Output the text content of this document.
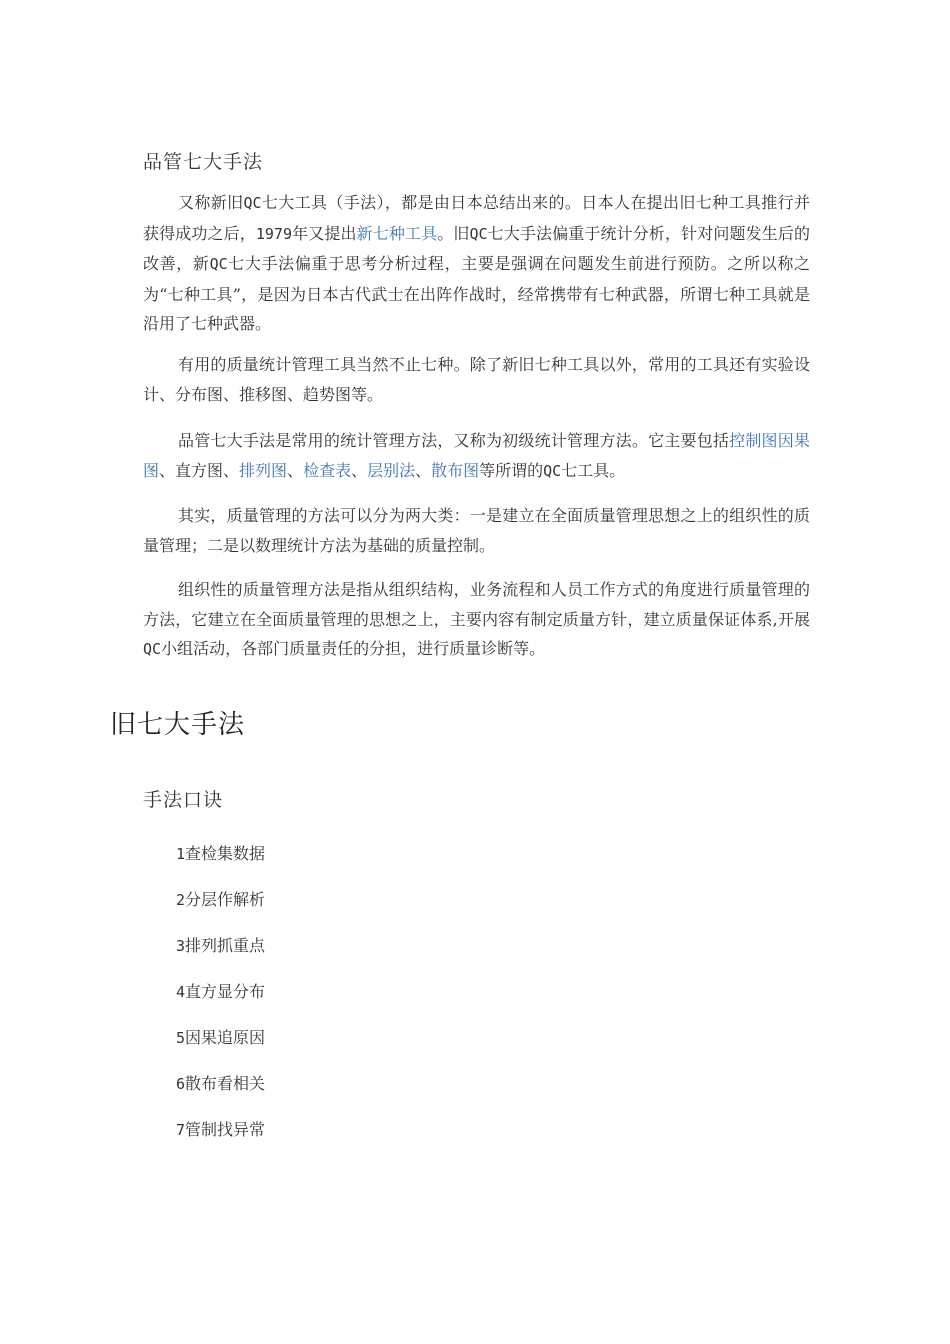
品管七大手法

又称新旧QC七大工具（手法），都是由日本总结出来的。日本人在提出旧七种工具推行并获得成功之后，1979年又提出新七种工具。旧QC七大手法偏重于统计分析，针对问题发生后的改善，新QC七大手法偏重于思考分析过程，主要是强调在问题发生前进行预防。之所以称之为“七种工具”，是因为日本古代武士在出阵作战时，经常携带有七种武器，所谓七种工具就是沿用了七种武器。

有用的质量统计管理工具当然不止七种。除了新旧七种工具以外，常用的工具还有实验设计、分布图、推移图、趋势图等。

品管七大手法是常用的统计管理方法，又称为初级统计管理方法。它主要包括控制图因果图、直方图、排列图、检查表、层别法、散布图等所谓的QC七工具。

其实，质量管理的方法可以分为两大类：一是建立在全面质量管理思想之上的组织性的质量管理；二是以数理统计方法为基础的质量控制。

组织性的质量管理方法是指从组织结构，业务流程和人员工作方式的角度进行质量管理的方法，它建立在全面质量管理的思想之上，主要内容有制定质量方针，建立质量保证体系,开展QC小组活动，各部门质量责任的分担，进行质量诊断等。

旧七大手法
手法口诀
1查检集数据
2分层作解析
3排列抓重点
4直方显分布
5因果追原因
6散布看相关
7管制找异常
